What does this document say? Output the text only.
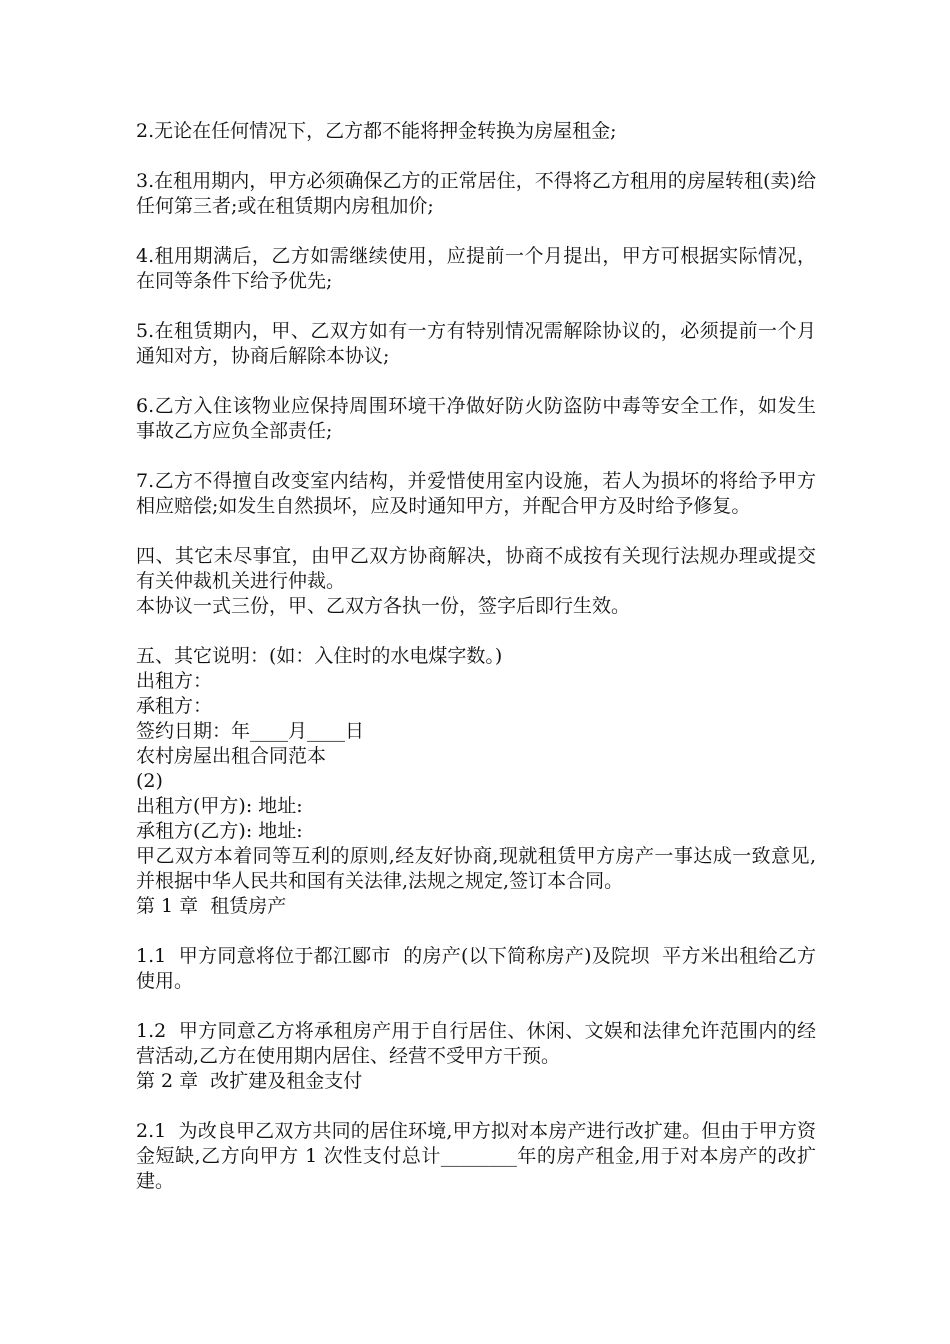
2.无论在任何情况下，乙方都不能将押金转换为房屋租金;

3.在租用期内，甲方必须确保乙方的正常居住，不得将乙方租用的房屋转租(卖)给任何第三者;或在租赁期内房租加价;

4.租用期满后，乙方如需继续使用，应提前一个月提出，甲方可根据实际情况，在同等条件下给予优先;

5.在租赁期内，甲、乙双方如有一方有特别情况需解除协议的，必须提前一个月通知对方，协商后解除本协议;

6.乙方入住该物业应保持周围环境干净做好防火防盗防中毒等安全工作，如发生事故乙方应负全部责任;

7.乙方不得擅自改变室内结构，并爱惜使用室内设施，若人为损坏的将给予甲方相应赔偿;如发生自然损坏，应及时通知甲方，并配合甲方及时给予修复。

四、其它未尽事宜，由甲乙双方协商解决，协商不成按有关现行法规办理或提交有关仲裁机关进行仲裁。

本协议一式三份，甲、乙双方各执一份，签字后即行生效。

五、其它说明：(如：入住时的水电煤字数。)

出租方：

承租方：

签约日期：年____月____日

农村房屋出租合同范本

(2)

出租方(甲方): 地址:

承租方(乙方): 地址:

甲乙双方本着同等互利的原则,经友好协商,现就租赁甲方房产一事达成一致意见,并根据中华人民共和国有关法律,法规之规定,签订本合同。

第 1 章  租赁房产

1.1  甲方同意将位于都江郾市  的房产(以下简称房产)及院坝  平方米出租给乙方使用。

1.2  甲方同意乙方将承租房产用于自行居住、休闲、文娱和法律允许范围内的经营活动,乙方在使用期内居住、经营不受甲方干预。

第 2 章  改扩建及租金支付

2.1  为改良甲乙双方共同的居住环境,甲方拟对本房产进行改扩建。但由于甲方资金短缺,乙方向甲方 1 次性支付总计________年的房产租金,用于对本房产的改扩建。
